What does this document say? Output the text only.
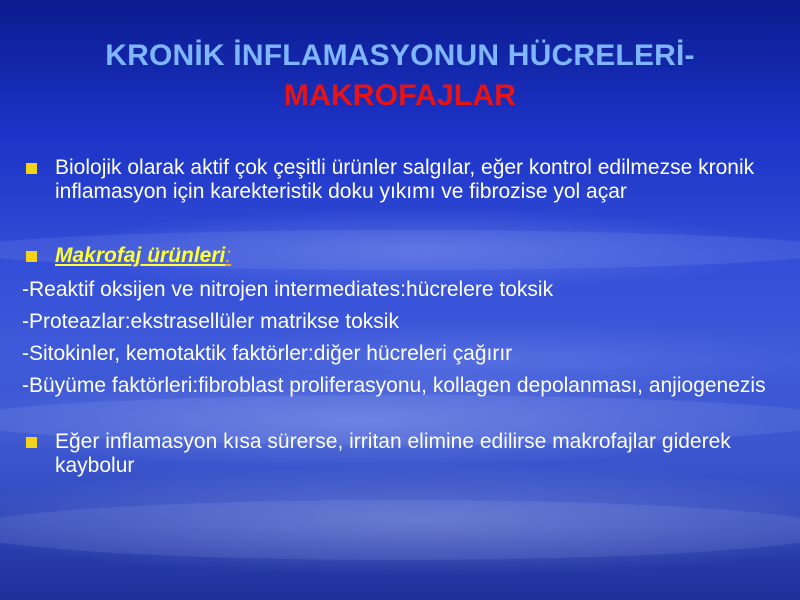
KRONİK İNFLAMASYONUN HÜCRELERİ-
MAKROFAJLAR
Biolojik olarak aktif çok çeşitli ürünler salgılar, eğer kontrol edilmezse kronik inflamasyon için karekteristik doku yıkımı ve fibrozise yol açar
Makrofaj ürünleri:
-Reaktif oksijen ve nitrojen intermediates:hücrelere toksik
-Proteazlar:ekstrasellüler matrikse toksik
-Sitokinler, kemotaktik faktörler:diğer hücreleri çağırır
-Büyüme faktörleri:fibroblast proliferasyonu, kollagen depolanması, anjiogenezis
Eğer inflamasyon kısa sürerse, irritan elimine edilirse makrofajlar giderek kaybolur
